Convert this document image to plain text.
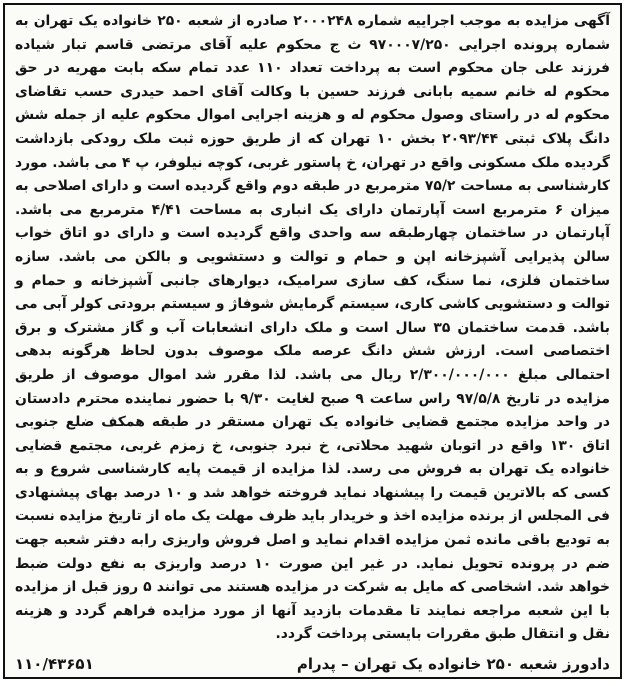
آگهی مزایده به موجب اجراییه شماره ۲۰۰۰۲۴۸ صادره از شعبه ۲۵۰ خانواده یک تهران به شماره پرونده اجرایی ۹۷۰۰۰۷/۲۵۰ ث ج محکوم علیه آقای مرتضی قاسم تبار شیاده فرزند علی جان محکوم است به پرداخت تعداد ۱۱۰ عدد تمام سکه بابت مهریه در حق محکوم له خانم سمیه بابانی فرزند حسین با وکالت آقای احمد حیدری حسب تقاضای محکوم له در راستای وصول محکوم له و هزینه اجرایی اموال محکوم علیه از جمله شش دانگ پلاک ثبتی ۲۰۹۳/۴۴ بخش ۱۰ تهران که از طریق حوزه ثبت ملک رودکی بازداشت گردیده ملک مسکونی واقع در تهران، خ پاستور غربی، کوچه نیلوفر، پ ۴ می باشد. مورد کارشناسی به مساحت ۷۵/۲ مترمربع در طبقه دوم واقع گردیده است و دارای اصلاحی به میزان ۶ مترمربع است آپارتمان دارای یک انباری به مساحت ۴/۴۱ مترمربع می باشد. آپارتمان در ساختمان چهارطبقه سه واحدی واقع گردیده است و دارای دو اتاق خواب سالن پذیرایی آشپزخانه اپن و حمام و توالت و دستشویی و بالکن می باشد. سازه ساختمان فلزی، نما سنگ، کف سازی سرامیک، دیوارهای جانبی آشپزخانه و حمام و توالت و دستشویی کاشی کاری، سیستم گرمایش شوفاژ و سیستم برودتی کولر آبی می باشد. قدمت ساختمان ۳۵ سال است و ملک دارای انشعابات آب و گاز مشترک و برق اختصاصی است. ارزش شش دانگ عرصه ملک موصوف بدون لحاظ هرگونه بدهی احتمالی مبلغ ۲/۳۰۰/۰۰۰/۰۰۰ ریال می باشد. لذا مقرر شد اموال موصوف از طریق مزایده در تاریخ ۹۷/۵/۸ راس ساعت ۹ صبح لغایت ۹/۳۰ با حضور نماینده محترم دادستان در واحد مزایده مجتمع قضایی خانواده یک تهران مستقر در طبقه همکف ضلع جنوبی اتاق ۱۳۰ واقع در اتوبان شهید محلاتی، خ نبرد جنوبی، خ زمزم غربی، مجتمع قضایی خانواده یک تهران به فروش می رسد. لذا مزایده از قیمت پایه کارشناسی شروع و به کسی که بالاترین قیمت را پیشنهاد نماید فروخته خواهد شد و ۱۰ درصد بهای پیشنهادی فی المجلس از برنده مزایده اخذ و خریدار باید ظرف مهلت یک ماه از تاریخ مزایده نسبت به تودیع باقی مانده ثمن مزایده اقدام نماید و اصل فروش واریزی رابه دفتر شعبه جهت ضم در پرونده تحویل نماید. در غیر این صورت ۱۰ درصد واریزی به نفع دولت ضبط خواهد شد. اشخاصی که مایل به شرکت در مزایده هستند می توانند ۵ روز قبل از مزایده با این شعبه مراجعه نمایند تا مقدمات بازدید آنها از مورد مزایده فراهم گردد و هزینه نقل و انتقال طبق مقررات بایستی پرداخت گردد.

دادورز شعبه ۲۵۰ خانواده یک تهران – پدرام
۱۱۰/۴۳۶۵۱
